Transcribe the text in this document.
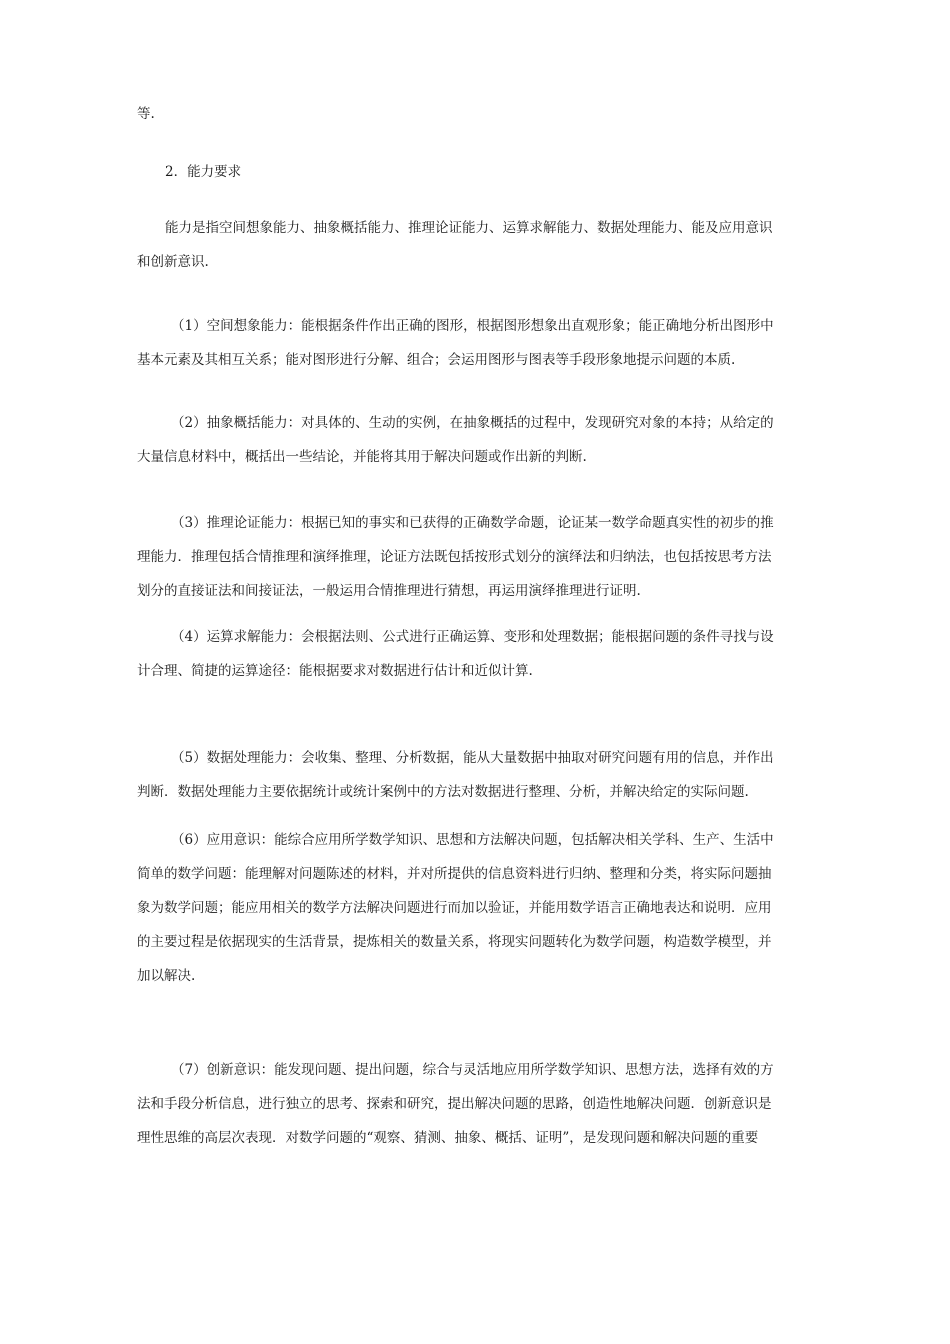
等.
2．能力要求
能力是指空间想象能力、抽象概括能力、推理论证能力、运算求解能力、数据处理能力、能及应用意识
和创新意识.
（1）空间想象能力：能根据条件作出正确的图形，根据图形想象出直观形象；能正确地分析出图形中
基本元素及其相互关系；能对图形进行分解、组合；会运用图形与图表等手段形象地提示问题的本质.
（2）抽象概括能力：对具体的、生动的实例，在抽象概括的过程中，发现研究对象的本持；从给定的
大量信息材料中，概括出一些结论，并能将其用于解决问题或作出新的判断.
（3）推理论证能力：根据已知的事实和已获得的正确数学命题，论证某一数学命题真实性的初步的推
理能力．推理包括合情推理和演绎推理，论证方法既包括按形式划分的演绎法和归纳法，也包括按思考方法
划分的直接证法和间接证法，一般运用合情推理进行猜想，再运用演绎推理进行证明.
（4）运算求解能力：会根据法则、公式进行正确运算、变形和处理数据；能根据问题的条件寻找与设
计合理、简捷的运算途径：能根据要求对数据进行估计和近似计算.
（5）数据处理能力：会收集、整理、分析数据，能从大量数据中抽取对研究问题有用的信息，并作出
判断．数据处理能力主要依据统计或统计案例中的方法对数据进行整理、分析，并解决给定的实际问题.
（6）应用意识：能综合应用所学数学知识、思想和方法解决问题，包括解决相关学科、生产、生活中
简单的数学问题：能理解对问题陈述的材料，并对所提供的信息资料进行归纳、整理和分类，将实际问题抽
象为数学问题；能应用相关的数学方法解决问题进行而加以验证，并能用数学语言正确地表达和说明．应用
的主要过程是依据现实的生活背景，提炼相关的数量关系，将现实问题转化为数学问题，构造数学模型，并
加以解决.
（7）创新意识：能发现问题、提出问题，综合与灵活地应用所学数学知识、思想方法，选择有效的方
法和手段分析信息，进行独立的思考、探索和研究，提出解决问题的思路，创造性地解决问题．创新意识是
理性思维的高层次表现．对数学问题的“观察、猜测、抽象、概括、证明”，是发现问题和解决问题的重要
